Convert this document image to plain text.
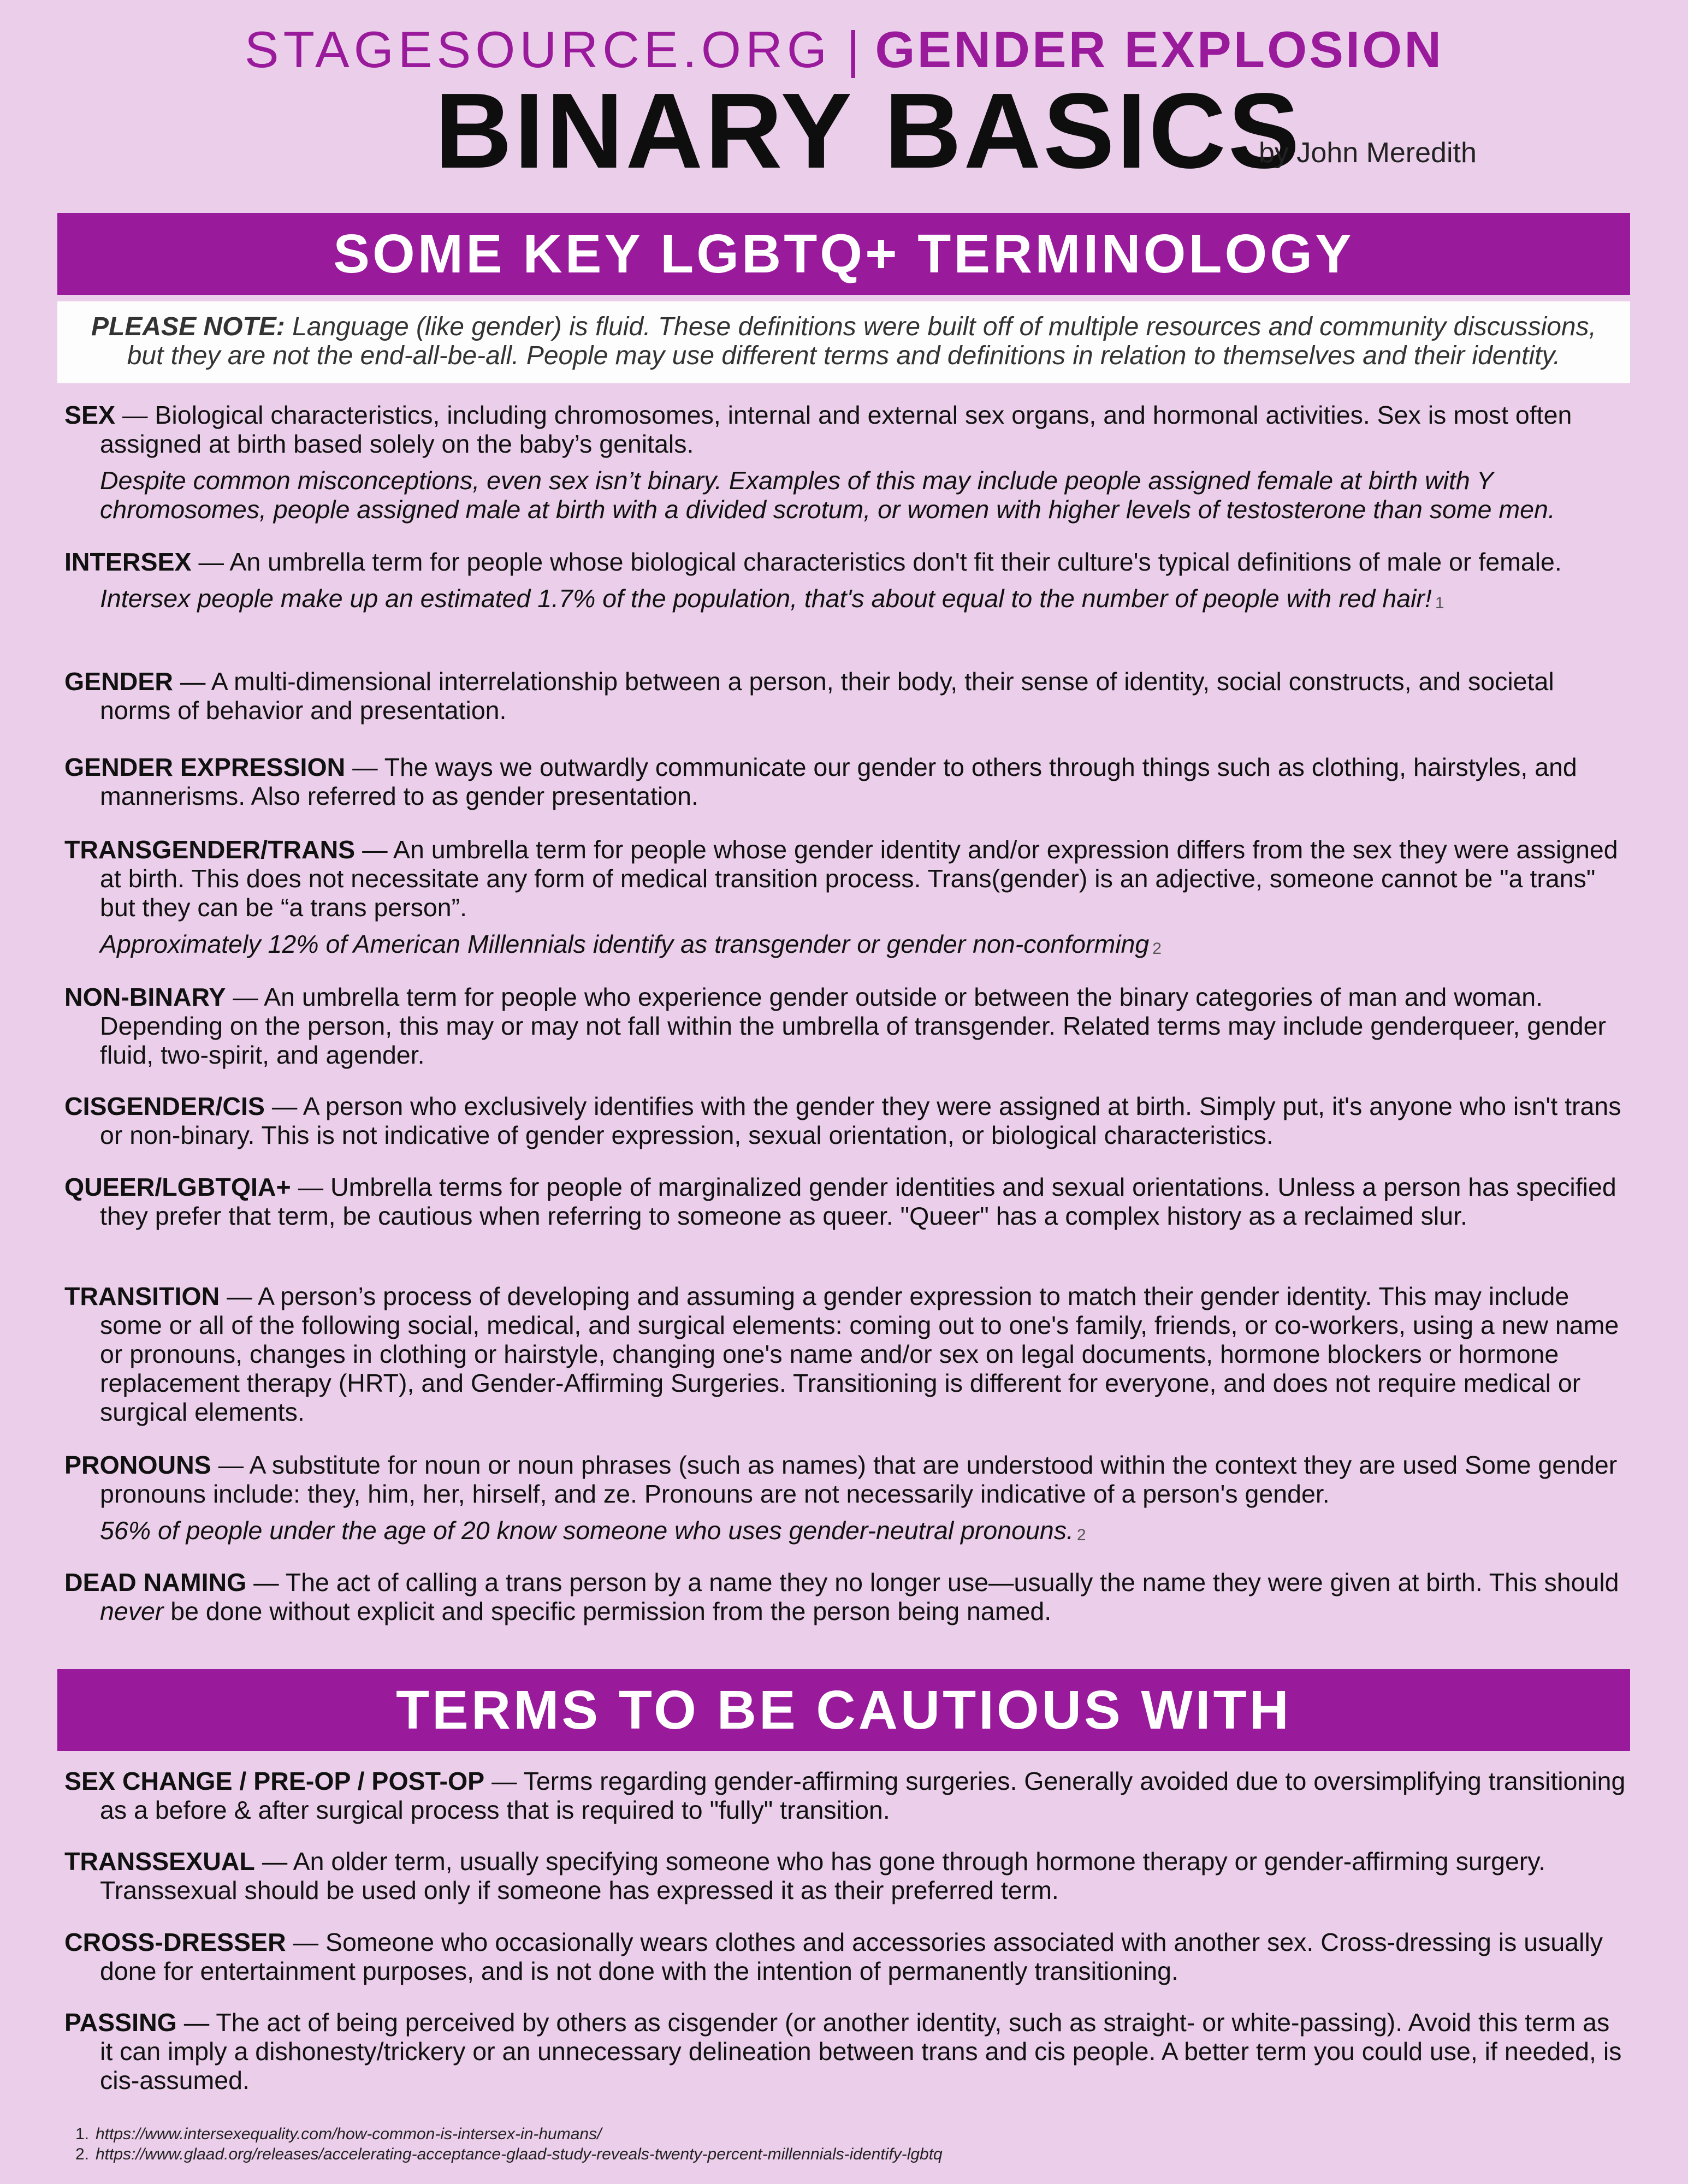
STAGESOURCE.ORG | GENDER EXPLOSION
BINARY BASICS
by John Meredith
SOME KEY LGBTQ+ TERMINOLOGY
PLEASE NOTE: Language (like gender) is fluid. These definitions were built off of multiple resources and community discussions, but they are not the end-all-be-all. People may use different terms and definitions in relation to themselves and their identity.
SEX — Biological characteristics, including chromosomes, internal and external sex organs, and hormonal activities. Sex is most often assigned at birth based solely on the baby’s genitals.
Despite common misconceptions, even sex isn’t binary. Examples of this may include people assigned female at birth with Y chromosomes, people assigned male at birth with a divided scrotum, or women with higher levels of testosterone than some men.
INTERSEX — An umbrella term for people whose biological characteristics don't fit their culture's typical definitions of male or female.
Intersex people make up an estimated 1.7% of the population, that's about equal to the number of people with red hair! 1
GENDER — A multi-dimensional interrelationship between a person, their body, their sense of identity, social constructs, and societal norms of behavior and presentation.
GENDER EXPRESSION — The ways we outwardly communicate our gender to others through things such as clothing, hairstyles, and mannerisms. Also referred to as gender presentation.
TRANSGENDER/TRANS — An umbrella term for people whose gender identity and/or expression differs from the sex they were assigned at birth. This does not necessitate any form of medical transition process. Trans(gender) is an adjective, someone cannot be "a trans" but they can be “a trans person”.
Approximately 12% of American Millennials identify as transgender or gender non-conforming 2
NON-BINARY — An umbrella term for people who experience gender outside or between the binary categories of man and woman. Depending on the person, this may or may not fall within the umbrella of transgender. Related terms may include genderqueer, gender fluid, two-spirit, and agender.
CISGENDER/CIS — A person who exclusively identifies with the gender they were assigned at birth. Simply put, it's anyone who isn't trans or non-binary. This is not indicative of gender expression, sexual orientation, or biological characteristics.
QUEER/LGBTQIA+ — Umbrella terms for people of marginalized gender identities and sexual orientations. Unless a person has specified they prefer that term, be cautious when referring to someone as queer. "Queer" has a complex history as a reclaimed slur.
TRANSITION — A person’s process of developing and assuming a gender expression to match their gender identity. This may include some or all of the following social, medical, and surgical elements: coming out to one's family, friends, or co-workers, using a new name or pronouns, changes in clothing or hairstyle, changing one's name and/or sex on legal documents, hormone blockers or hormone replacement therapy (HRT), and Gender-Affirming Surgeries. Transitioning is different for everyone, and does not require medical or surgical elements.
PRONOUNS — A substitute for noun or noun phrases (such as names) that are understood within the context they are used Some gender pronouns include: they, him, her, hirself, and ze. Pronouns are not necessarily indicative of a person's gender.
56% of people under the age of 20 know someone who uses gender-neutral pronouns. 2
DEAD NAMING — The act of calling a trans person by a name they no longer use—usually the name they were given at birth. This should never be done without explicit and specific permission from the person being named.
TERMS TO BE CAUTIOUS WITH
SEX CHANGE / PRE-OP / POST-OP — Terms regarding gender-affirming surgeries. Generally avoided due to oversimplifying transitioning as a before & after surgical process that is required to "fully" transition.
TRANSSEXUAL — An older term, usually specifying someone who has gone through hormone therapy or gender-affirming surgery. Transsexual should be used only if someone has expressed it as their preferred term.
CROSS-DRESSER — Someone who occasionally wears clothes and accessories associated with another sex. Cross-dressing is usually done for entertainment purposes, and is not done with the intention of permanently transitioning.
PASSING — The act of being perceived by others as cisgender (or another identity, such as straight- or white-passing). Avoid this term as it can imply a dishonesty/trickery or an unnecessary delineation between trans and cis people. A better term you could use, if needed, is cis-assumed.
1. https://www.intersexequality.com/how-common-is-intersex-in-humans/
2. https://www.glaad.org/releases/accelerating-acceptance-glaad-study-reveals-twenty-percent-millennials-identify-lgbtq
